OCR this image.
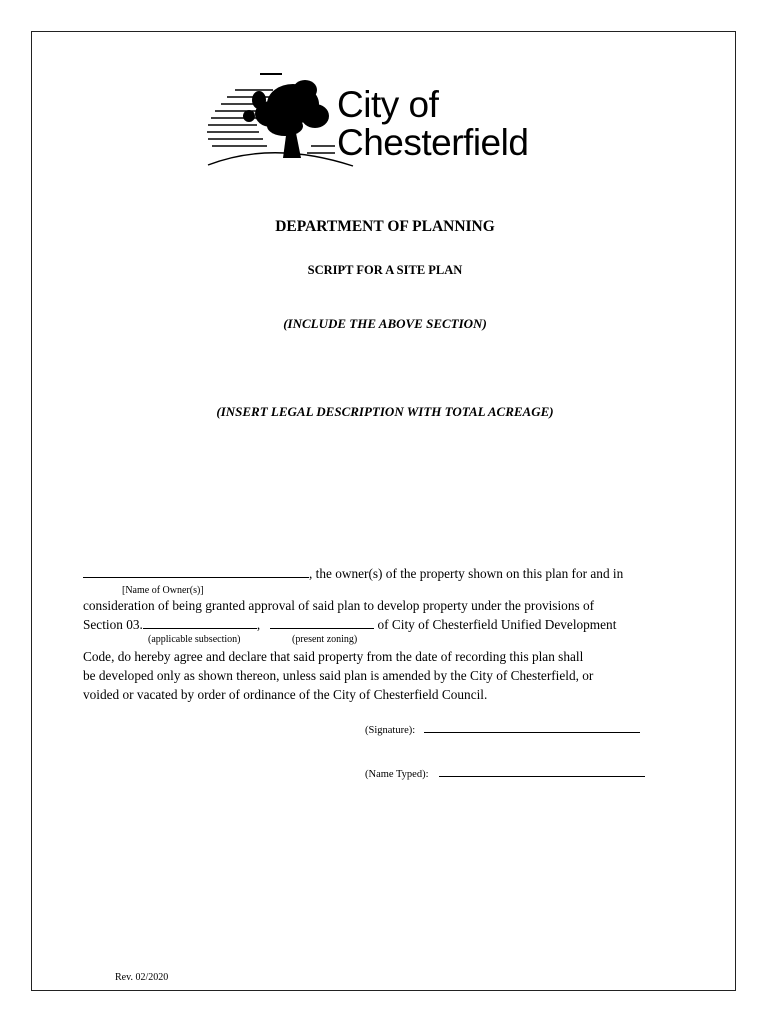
City of
Chesterfield
DEPARTMENT OF PLANNING
SCRIPT FOR A SITE PLAN
(INCLUDE THE ABOVE SECTION)
(INSERT LEGAL DESCRIPTION WITH TOTAL ACREAGE)
, the owner(s) of the property shown on this plan for and in
[Name of Owner(s)]
consideration of being granted approval of said plan to develop property under the provisions of
Section 03.	,	of City of Chesterfield Unified Development
(applicable subsection)	(present zoning)
Code, do hereby agree and declare that said property from the date of recording this plan shall
be developed only as shown thereon, unless said plan is amended by the City of Chesterfield, or
voided or vacated by order of ordinance of the City of Chesterfield Council.
(Signature):
(Name Typed):
Rev. 02/2020
